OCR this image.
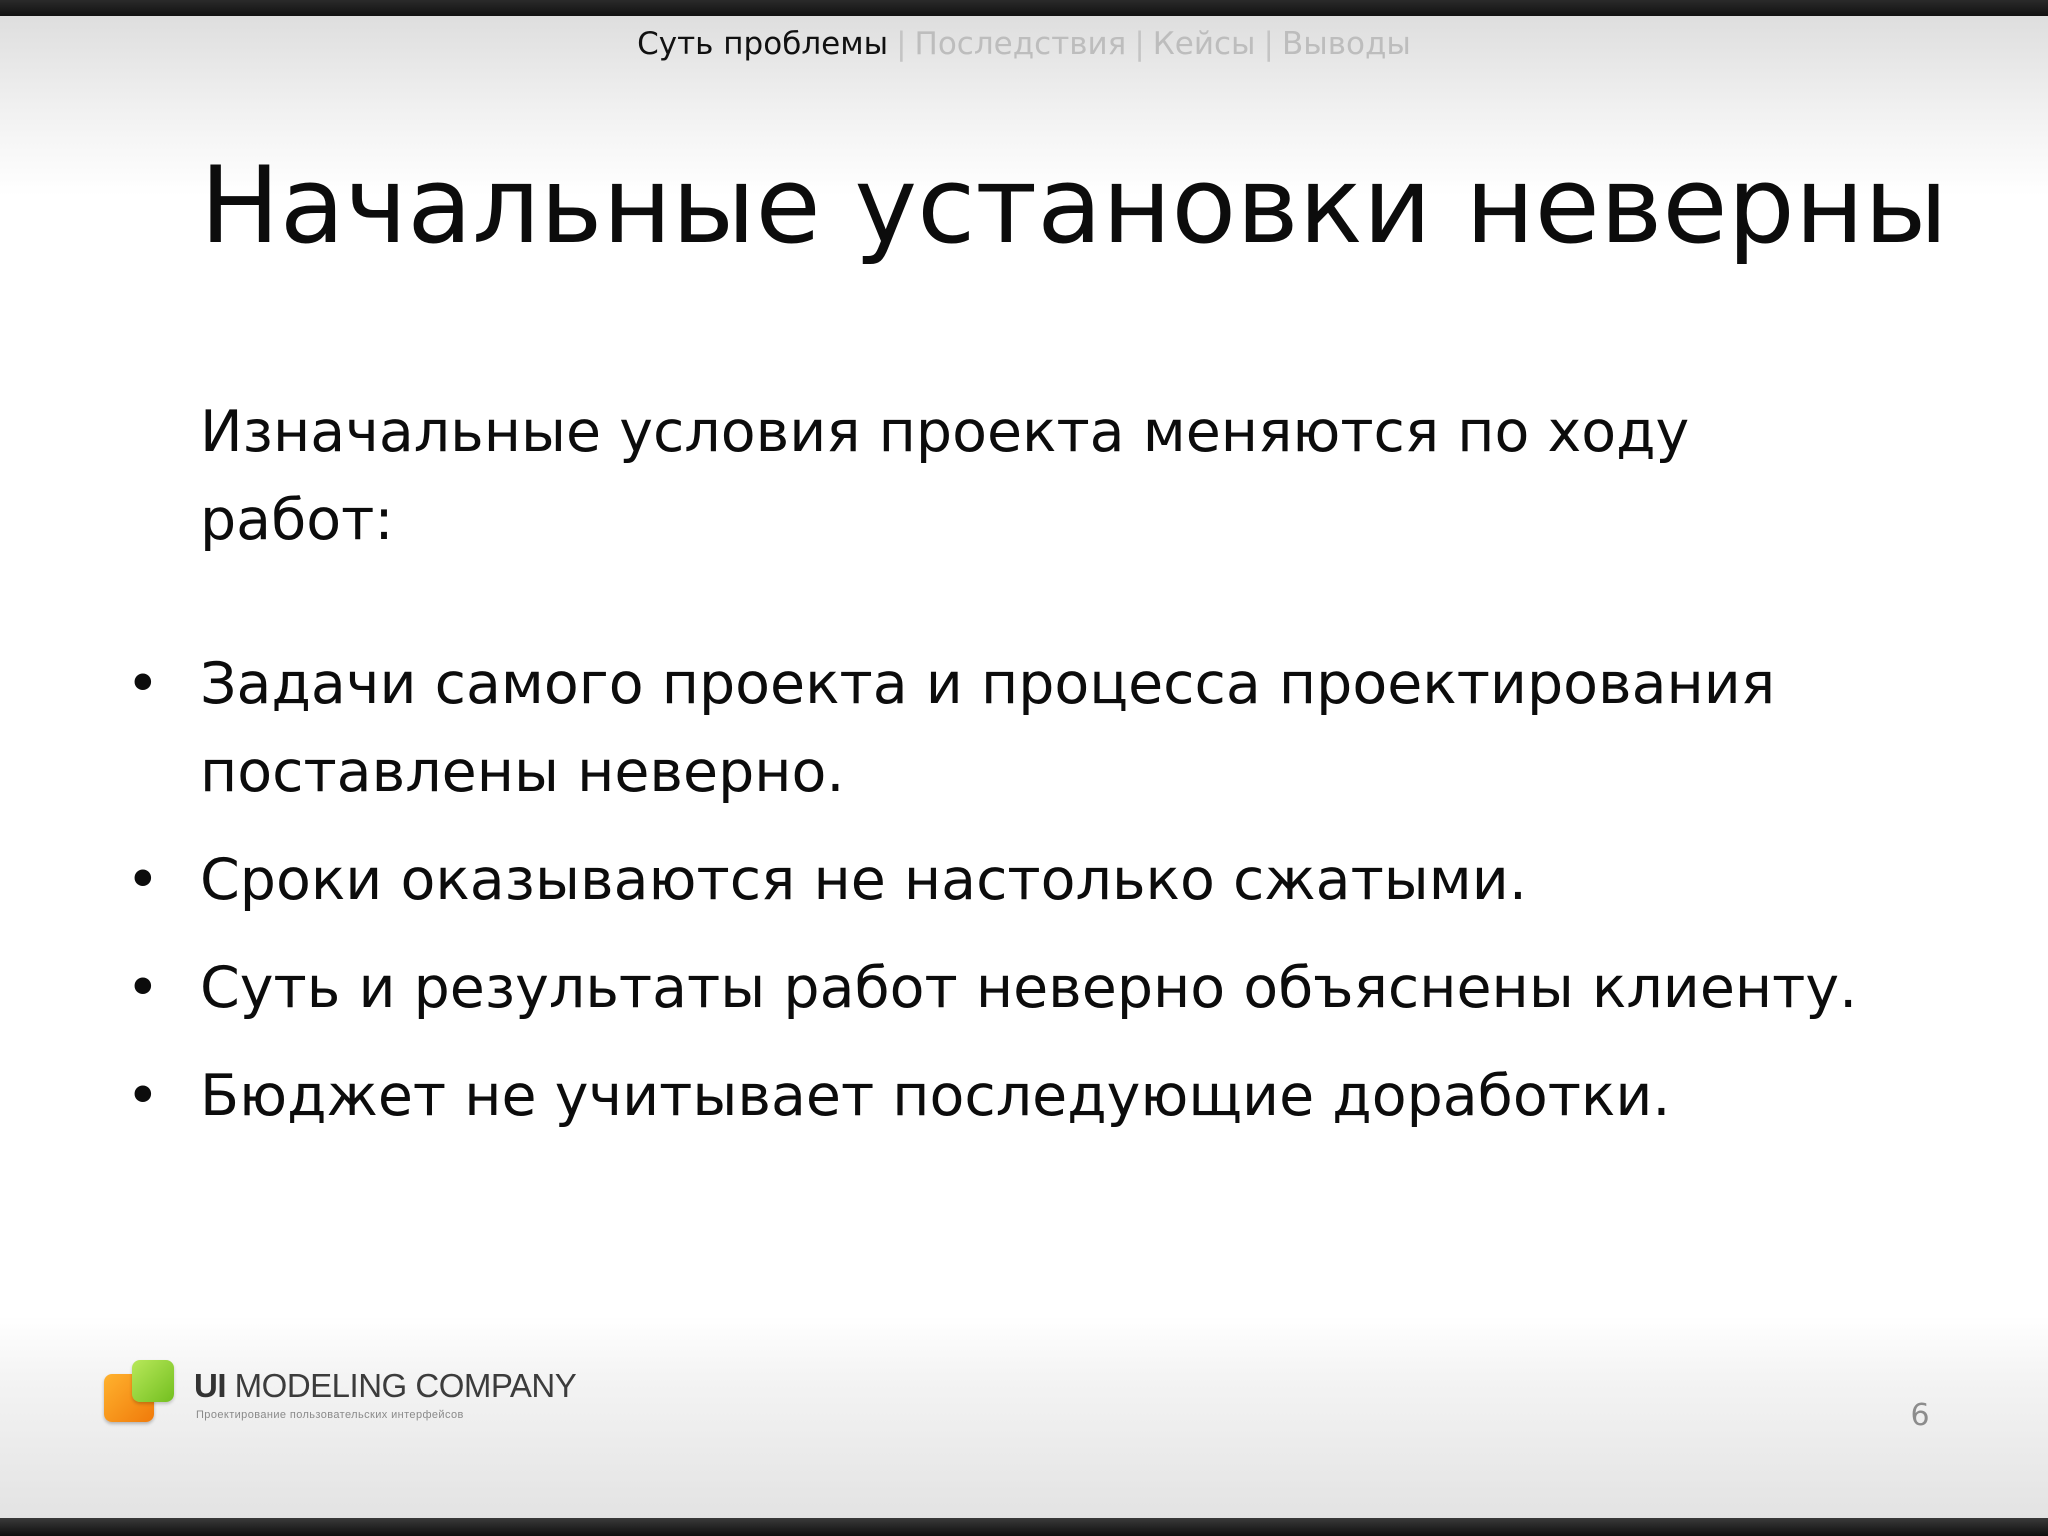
Суть проблемы | Последствия | Кейсы | Выводы
Начальные установки неверны

Изначальные условия проекта меняются по ходу работ:

• Задачи самого проекта и процесса проектирования поставлены неверно.
• Сроки оказываются не настолько сжатыми.
• Суть и результаты работ неверно объяснены клиенту.
• Бюджет не учитывает последующие доработки.
UI MODELING COMPANY
Проектирование пользовательских интерфейсов	6
